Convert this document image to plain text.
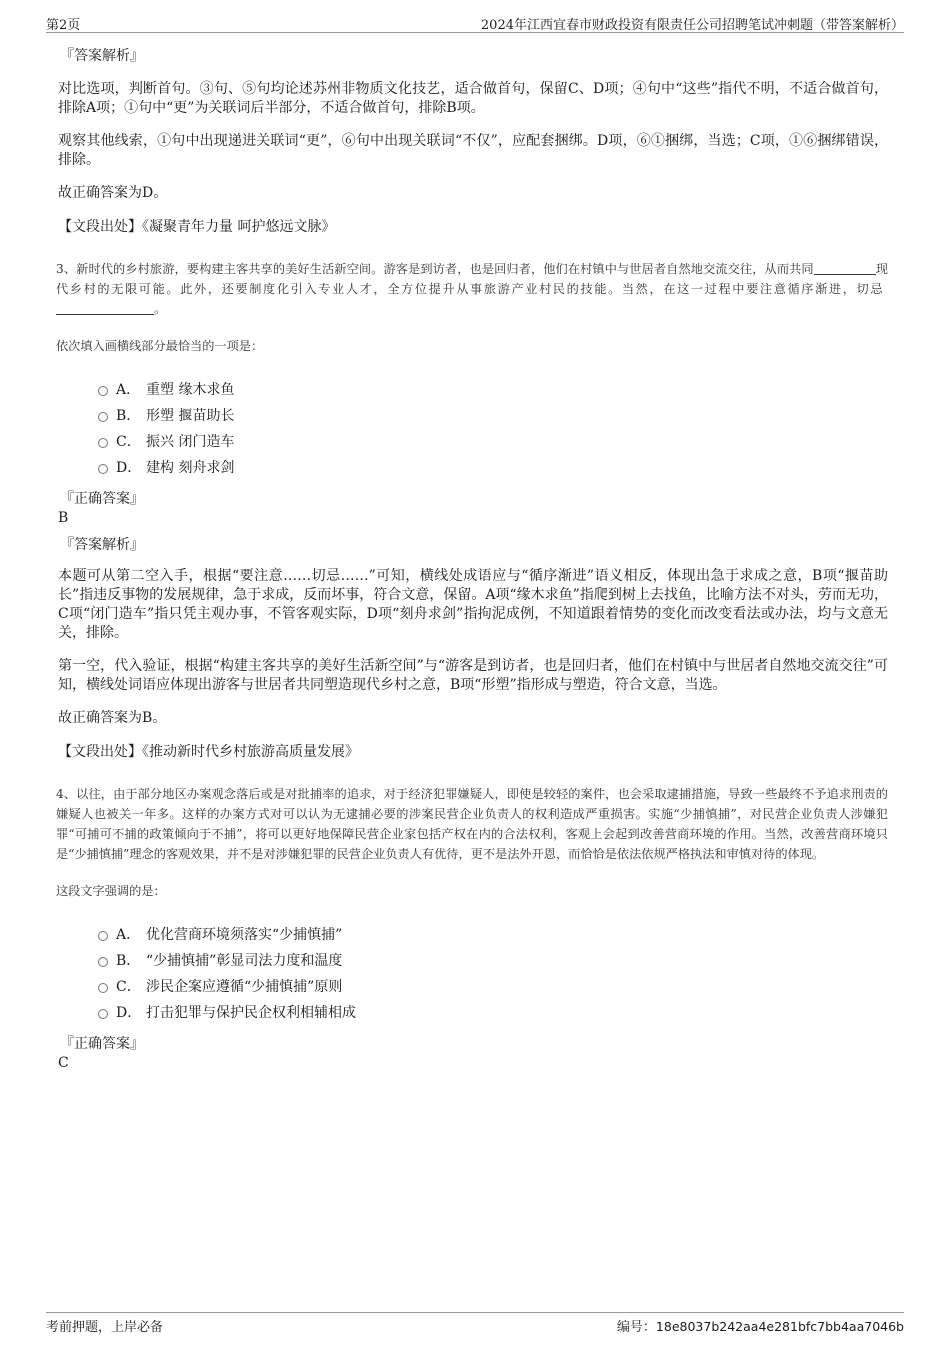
第2页	2024年江西宜春市财政投资有限责任公司招聘笔试冲刺题（带答案解析）
『答案解析』

对比选项，判断首句。③句、⑤句均论述苏州非物质文化技艺，适合做首句，保留C、D项；④句中“这些”指代不明，不适合做首句，排除A项；①句中“更”为关联词后半部分，不适合做首句，排除B项。

观察其他线索，①句中出现递进关联词“更”，⑥句中出现关联词“不仅”，应配套捆绑。D项，⑥①捆绑，当选；C项，①⑥捆绑错误，排除。

故正确答案为D。

【文段出处】《凝聚青年力量 呵护悠远文脉》
3、新时代的乡村旅游，要构建主客共享的美好生活新空间。游客是到访者，也是回归者，他们在村镇中与世居者自然地交流交往，从而共同	现代乡村的无限可能。此外，还要制度化引入专业人才，全方位提升从事旅游产业村民的技能。当然，在这一过程中要注意循序渐进，切忌 。
依次填入画横线部分最恰当的一项是：
A． 重塑 缘木求鱼
B． 形塑 揠苗助长
C． 振兴 闭门造车
D． 建构 刻舟求剑
『正确答案』
B
『答案解析』

本题可从第二空入手，根据“要注意……切忌……”可知，横线处成语应与“循序渐进”语义相反，体现出急于求成之意，B项“揠苗助长”指违反事物的发展规律，急于求成，反而坏事，符合文意，保留。A项“缘木求鱼”指爬到树上去找鱼，比喻方法不对头，劳而无功，C项“闭门造车”指只凭主观办事，不管客观实际，D项“刻舟求剑”指拘泥成例，不知道跟着情势的变化而改变看法或办法，均与文意无关，排除。

第一空，代入验证，根据“构建主客共享的美好生活新空间”与“游客是到访者，也是回归者，他们在村镇中与世居者自然地交流交往”可知，横线处词语应体现出游客与世居者共同塑造现代乡村之意，B项“形塑”指形成与塑造，符合文意，当选。

故正确答案为B。

【文段出处】《推动新时代乡村旅游高质量发展》
4、以往，由于部分地区办案观念落后或是对批捕率的追求，对于经济犯罪嫌疑人，即使是较轻的案件，也会采取逮捕措施，导致一些最终不予追求刑责的嫌疑人也被关一年多。这样的办案方式对可以认为无逮捕必要的涉案民营企业负责人的权利造成严重损害。实施“少捕慎捕”，对民营企业负责人涉嫌犯罪“可捕可不捕的政策倾向于不捕”，将可以更好地保障民营企业家包括产权在内的合法权利，客观上会起到改善营商环境的作用。当然，改善营商环境只是“少捕慎捕”理念的客观效果，并不是对涉嫌犯罪的民营企业负责人有优待，更不是法外开恩，而恰恰是依法依规严格执法和审慎对待的体现。
这段文字强调的是：
A． 优化营商环境须落实“少捕慎捕”
B． “少捕慎捕”彰显司法力度和温度
C． 涉民企案应遵循“少捕慎捕”原则
D． 打击犯罪与保护民企权利相辅相成
『正确答案』
C
考前押题，上岸必备	编号：18e8037b242aa4e281bfc7bb4aa7046b
